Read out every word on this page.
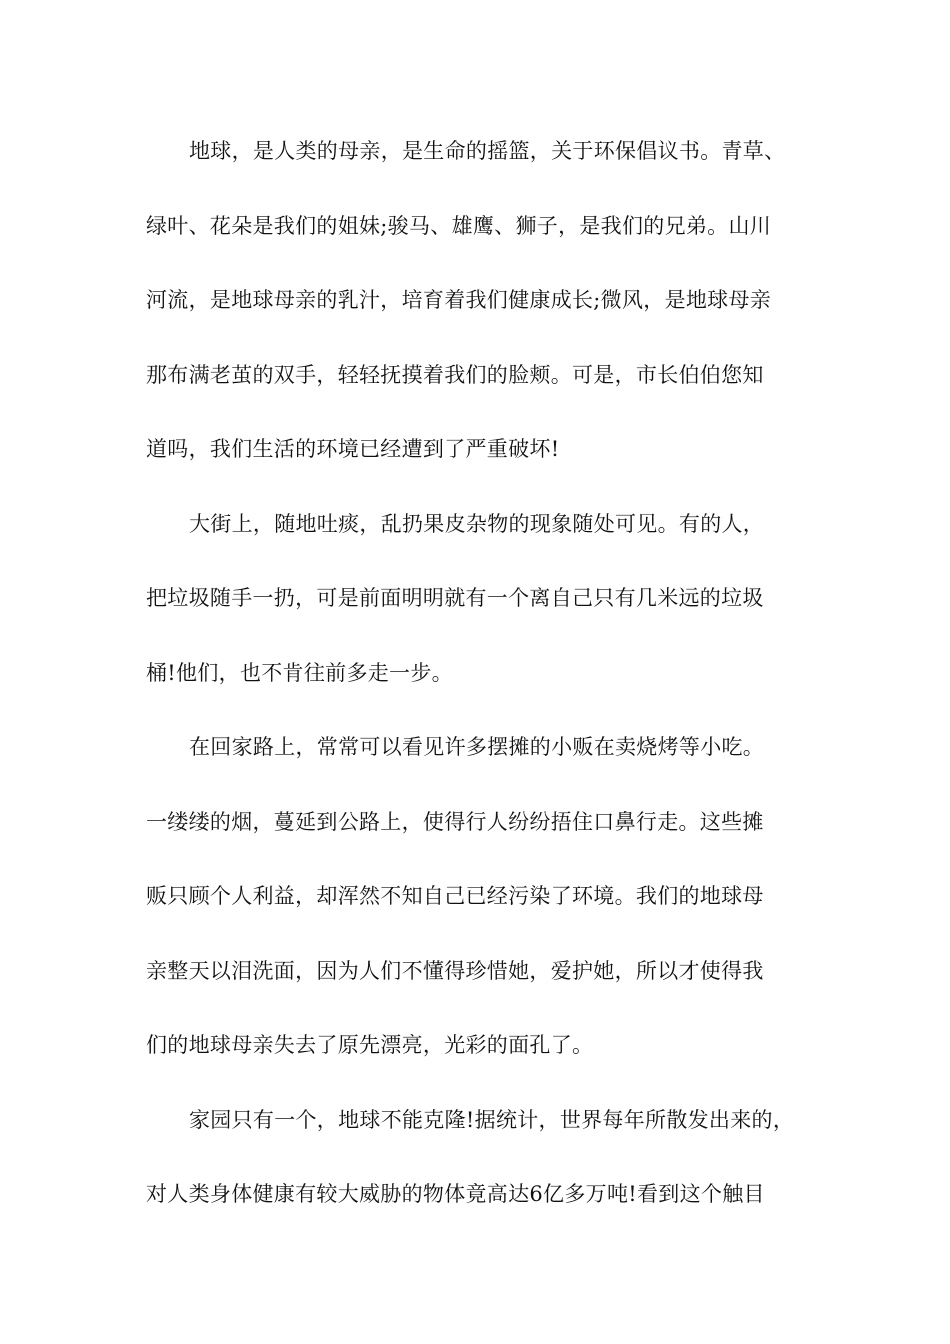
地球，是人类的母亲，是生命的摇篮，关于环保倡议书。青草、
绿叶、花朵是我们的姐妹;骏马、雄鹰、狮子，是我们的兄弟。山川
河流，是地球母亲的乳汁，培育着我们健康成长;微风，是地球母亲
那布满老茧的双手，轻轻抚摸着我们的脸颊。可是，市长伯伯您知
道吗，我们生活的环境已经遭到了严重破坏!
大街上，随地吐痰，乱扔果皮杂物的现象随处可见。有的人，
把垃圾随手一扔，可是前面明明就有一个离自己只有几米远的垃圾
桶!他们，也不肯往前多走一步。
在回家路上，常常可以看见许多摆摊的小贩在卖烧烤等小吃。
一缕缕的烟，蔓延到公路上，使得行人纷纷捂住口鼻行走。这些摊
贩只顾个人利益，却浑然不知自己已经污染了环境。我们的地球母
亲整天以泪洗面，因为人们不懂得珍惜她，爱护她，所以才使得我
们的地球母亲失去了原先漂亮，光彩的面孔了。
家园只有一个，地球不能克隆!据统计，世界每年所散发出来的，
对人类身体健康有较大威胁的物体竟高达6亿多万吨!看到这个触目
